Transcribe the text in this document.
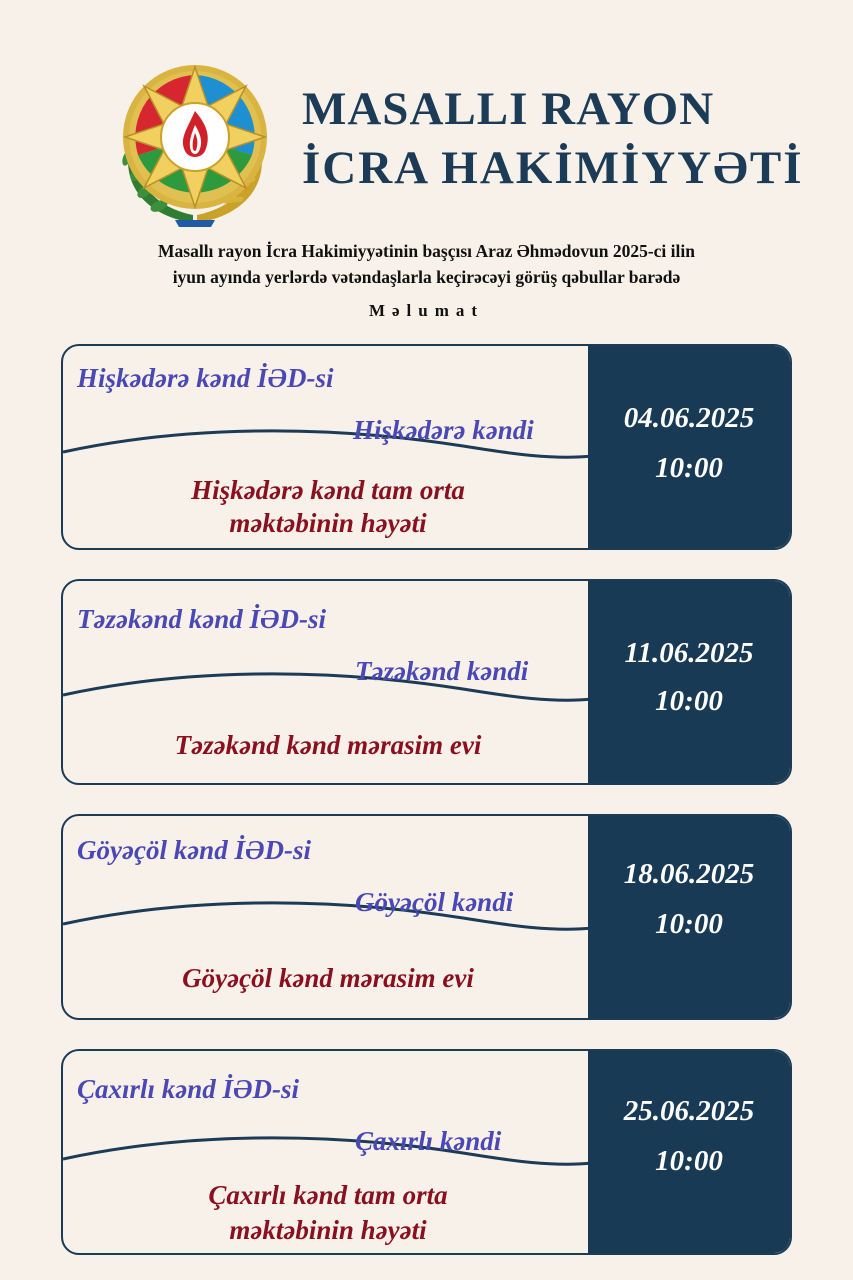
MASALLI RAYON
İCRA HAKİMİYYƏTİ
Masallı rayon İcra Hakimiyyətinin başçısı Araz Əhmədovun 2025-ci ilin
iyun ayında yerlərdə vətəndaşlarla keçirəcəyi görüş qəbullar barədə
Məlumat
Hişkədərə kənd İƏD-si
Hişkədərə kəndi
Hişkədərə kənd tam orta
məktəbinin həyəti
04.06.2025
10:00
Təzəkənd kənd İƏD-si
Təzəkənd kəndi
Təzəkənd kənd mərasim evi
11.06.2025
10:00
Göyəçöl kənd İƏD-si
Göyəçöl kəndi
Göyəçöl kənd mərasim evi
18.06.2025
10:00
Çaxırlı kənd İƏD-si
Çaxırlı kəndi
Çaxırlı kənd tam orta
məktəbinin həyəti
25.06.2025
10:00
